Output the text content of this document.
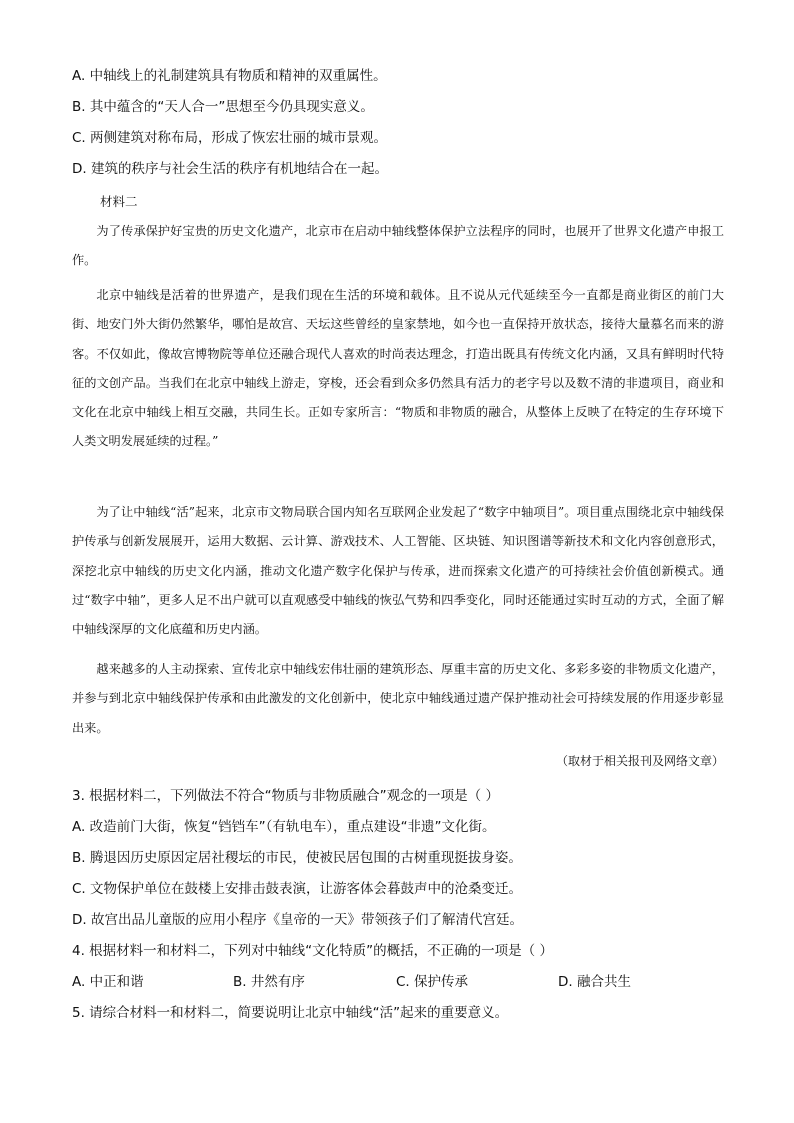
A. 中轴线上的礼制建筑具有物质和精神的双重属性。
B. 其中蕴含的“天人合一”思想至今仍具现实意义。
C. 两侧建筑对称布局，形成了恢宏壮丽的城市景观。
D. 建筑的秩序与社会生活的秩序有机地结合在一起。
材料二

为了传承保护好宝贵的历史文化遗产，北京市在启动中轴线整体保护立法程序的同时，也展开了世界文化遗产申报工作。

北京中轴线是活着的世界遗产，是我们现在生活的环境和载体。且不说从元代延续至今一直都是商业街区的前门大街、地安门外大街仍然繁华，哪怕是故宫、天坛这些曾经的皇家禁地，如今也一直保持开放状态，接待大量慕名而来的游客。不仅如此，像故宫博物院等单位还融合现代人喜欢的时尚表达理念，打造出既具有传统文化内涵，又具有鲜明时代特征的文创产品。当我们在北京中轴线上游走，穿梭，还会看到众多仍然具有活力的老字号以及数不清的非遗项目，商业和文化在北京中轴线上相互交融，共同生长。正如专家所言：“物质和非物质的融合，从整体上反映了在特定的生存环境下人类文明发展延续的过程。”

为了让中轴线“活”起来，北京市文物局联合国内知名互联网企业发起了“数字中轴项目”。项目重点围绕北京中轴线保护传承与创新发展展开，运用大数据、云计算、游戏技术、人工智能、区块链、知识图谱等新技术和文化内容创意形式，深挖北京中轴线的历史文化内涵，推动文化遗产数字化保护与传承，进而探索文化遗产的可持续社会价值创新模式。通过“数字中轴”，更多人足不出户就可以直观感受中轴线的恢弘气势和四季变化，同时还能通过实时互动的方式，全面了解中轴线深厚的文化底蕴和历史内涵。

越来越多的人主动探索、宣传北京中轴线宏伟壮丽的建筑形态、厚重丰富的历史文化、多彩多姿的非物质文化遗产，并参与到北京中轴线保护传承和由此激发的文化创新中，使北京中轴线通过遗产保护推动社会可持续发展的作用逐步彰显出来。

（取材于相关报刊及网络文章）
3. 根据材料二，下列做法不符合“物质与非物质融合”观念的一项是（ ）
A. 改造前门大街，恢复“铛铛车”（有轨电车），重点建设“非遗”文化街。
B. 腾退因历史原因定居社稷坛的市民，使被民居包围的古树重现挺拔身姿。
C. 文物保护单位在鼓楼上安排击鼓表演，让游客体会暮鼓声中的沧桑变迁。
D. 故宫出品儿童版的应用小程序《皇帝的一天》带领孩子们了解清代宫廷。
4. 根据材料一和材料二，下列对中轴线“文化特质”的概括，不正确的一项是（ ）
A. 中正和谐	B. 井然有序	C. 保护传承	D. 融合共生
5. 请综合材料一和材料二，简要说明让北京中轴线“活”起来的重要意义。
